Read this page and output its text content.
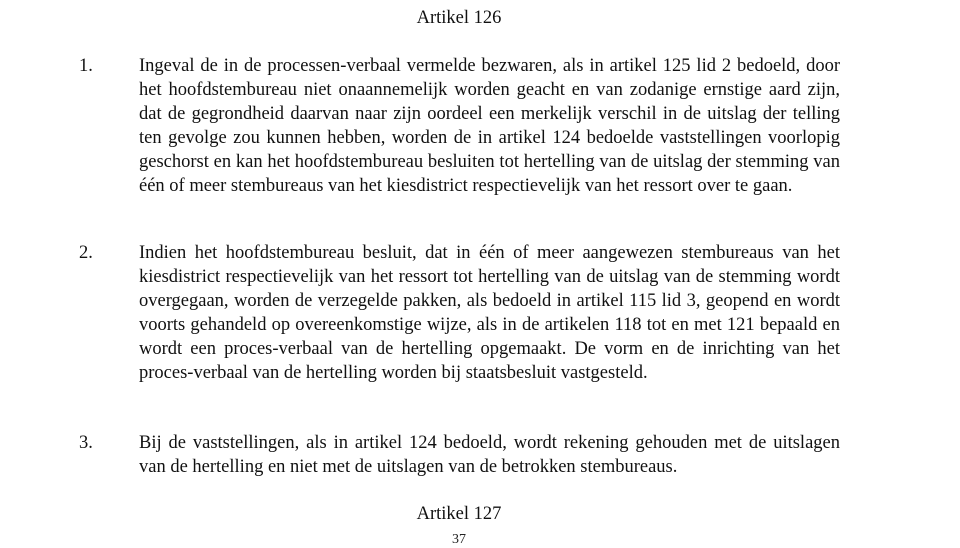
Artikel 126
1. Ingeval de in de processen-verbaal vermelde bezwaren, als in artikel 125 lid 2 bedoeld, door het hoofdstembureau niet onaannemelijk worden geacht en van zodanige ernstige aard zijn, dat de gegrondheid daarvan naar zijn oordeel een merkelijk verschil in de uitslag der telling ten gevolge zou kunnen hebben, worden de in artikel 124 bedoelde vaststellingen voorlopig geschorst en kan het hoofdstembureau besluiten tot hertelling van de uitslag der stemming van één of meer stembureaus van het kiesdistrict respectievelijk van het ressort over te gaan.
2. Indien het hoofdstembureau besluit, dat in één of meer aangewezen stembureaus van het kiesdistrict respectievelijk van het ressort tot hertelling van de uitslag van de stemming wordt overgegaan, worden de verzegelde pakken, als bedoeld in artikel 115 lid 3, geopend en wordt voorts gehandeld op overeenkomstige wijze, als in de artikelen 118 tot en met 121 bepaald en wordt een proces-verbaal van de hertelling opgemaakt. De vorm en de inrichting van het proces-verbaal van de hertelling worden bij staatsbesluit vastgesteld.
3. Bij de vaststellingen, als in artikel 124 bedoeld, wordt rekening gehouden met de uitslagen van de hertelling en niet met de uitslagen van de betrokken stembureaus.
Artikel 127
37
